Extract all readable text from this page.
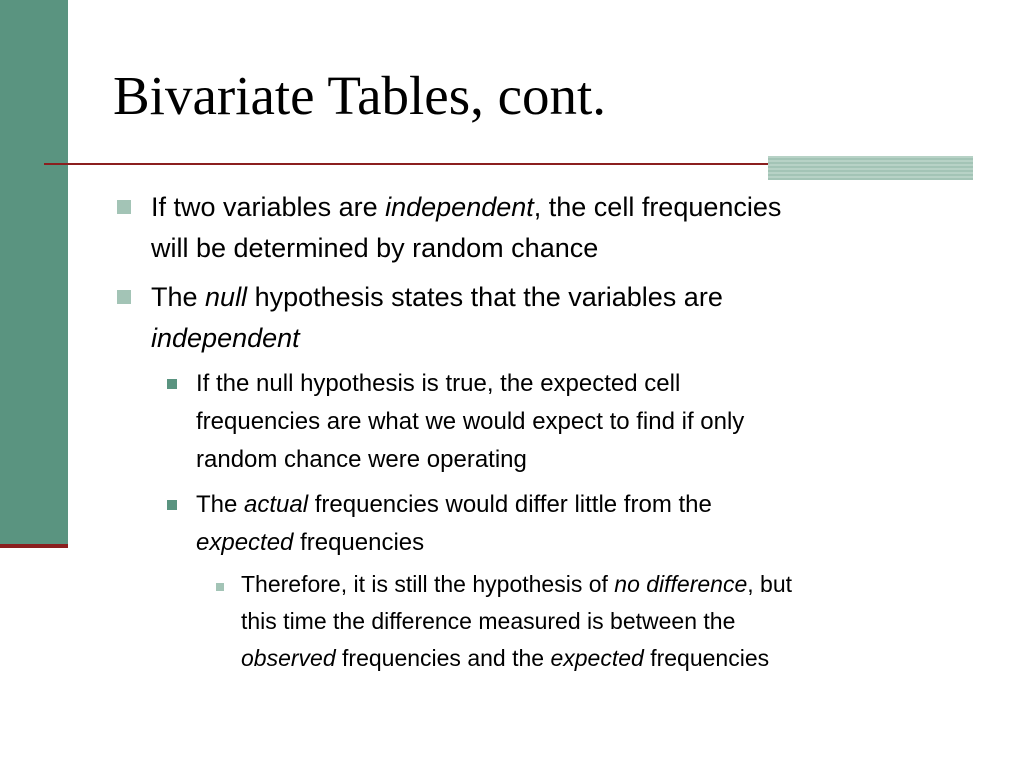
Bivariate Tables, cont.

If two variables are independent, the cell frequencies
will be determined by random chance

The null hypothesis states that the variables are
independent

If the null hypothesis is true, the expected cell
frequencies are what we would expect to find if only
random chance were operating

The actual frequencies would differ little from the
expected frequencies

Therefore, it is still the hypothesis of no difference, but
this time the difference measured is between the
observed frequencies and the expected frequencies
